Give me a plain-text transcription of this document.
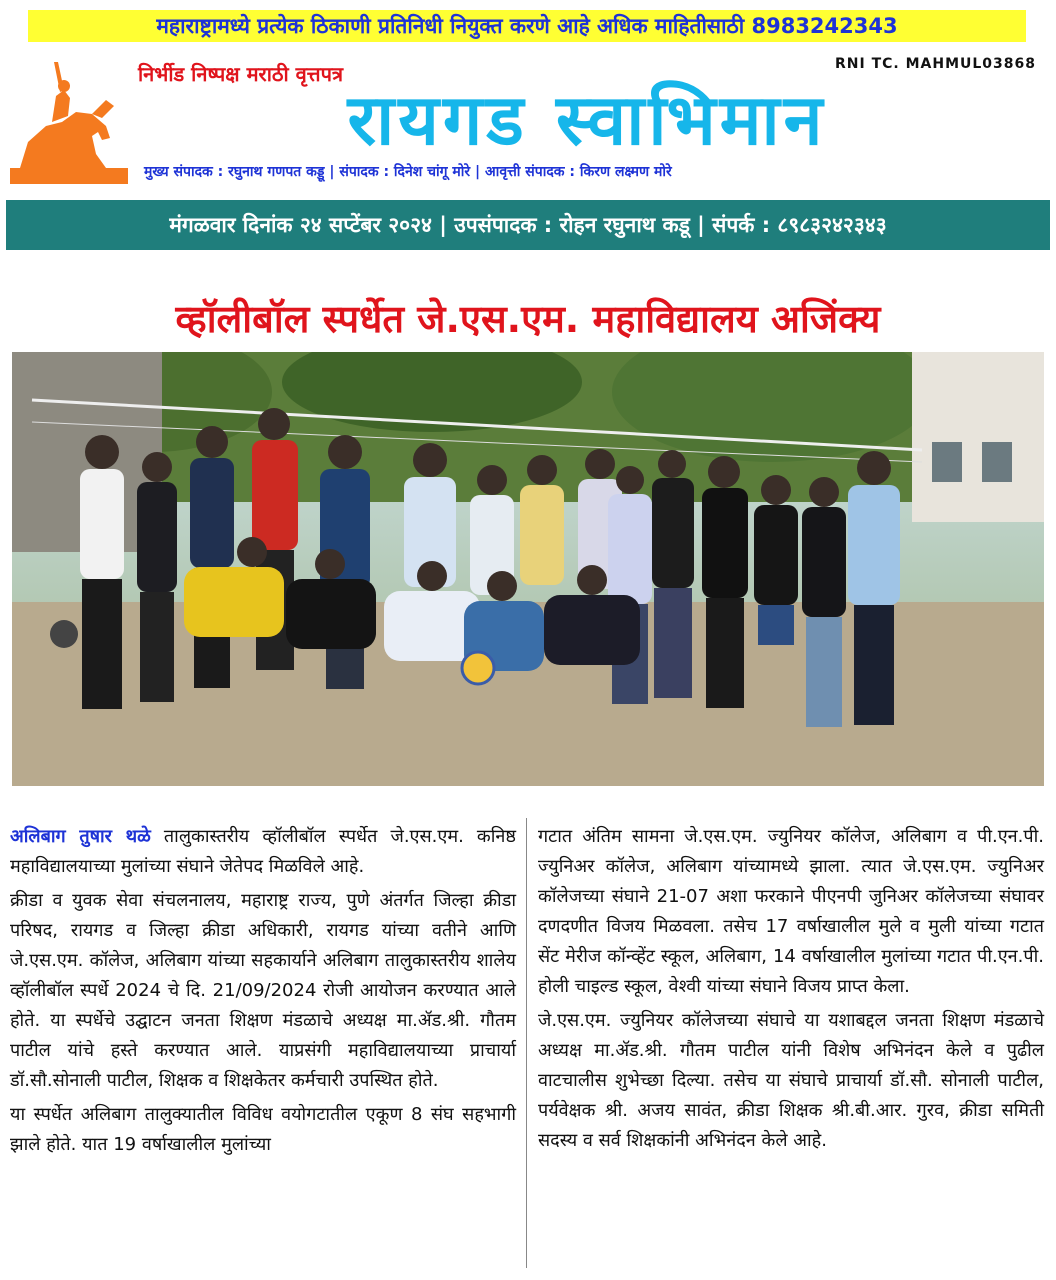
महाराष्ट्रामध्ये प्रत्येक ठिकाणी प्रतिनिधी नियुक्त करणे आहे अधिक माहितीसाठी 8983242343
निर्भीड निष्पक्ष मराठी वृत्तपत्र	RNI TC. MAHMUL03868
रायगड स्वाभिमान
मुख्य संपादक : रघुनाथ गणपत कड्डू | संपादक : दिनेश चांगू मोरे | आवृत्ती संपादक : किरण लक्ष्मण मोरे
मंगळवार दिनांक २४ सप्टेंबर २०२४ | उपसंपादक : रोहन रघुनाथ कडू | संपर्क : ८९८३२४२३४३
व्हॉलीबॉल स्पर्धेत जे.एस.एम. महाविद्यालय अजिंक्य

अलिबाग तुषार थळे तालुकास्तरीय व्हॉलीबॉल स्पर्धेत जे.एस.एम. कनिष्ठ महाविद्यालयाच्या मुलांच्या संघाने जेतेपद मिळविले आहे.

क्रीडा व युवक सेवा संचलनालय, महाराष्ट्र राज्य, पुणे अंतर्गत जिल्हा क्रीडा परिषद, रायगड व जिल्हा क्रीडा अधिकारी, रायगड यांच्या वतीने आणि जे.एस.एम. कॉलेज, अलिबाग यांच्या सहकार्याने अलिबाग तालुकास्तरीय शालेय व्हॉलीबॉल स्पर्धे 2024 चे दि. 21/09/2024 रोजी आयोजन करण्यात आले होते. या स्पर्धेचे उद्घाटन जनता शिक्षण मंडळाचे अध्यक्ष मा.ॲड.श्री. गौतम पाटील यांचे हस्ते करण्यात आले. याप्रसंगी महाविद्यालयाच्या प्राचार्या डॉ.सौ.सोनाली पाटील, शिक्षक व शिक्षकेतर कर्मचारी उपस्थित होते.

या स्पर्धेत अलिबाग तालुक्यातील विविध वयोगटातील एकूण 8 संघ सहभागी झाले होते. यात 19 वर्षाखालील मुलांच्या

गटात अंतिम सामना जे.एस.एम. ज्युनियर कॉलेज, अलिबाग व पी.एन.पी. ज्युनिअर कॉलेज, अलिबाग यांच्यामध्ये झाला. त्यात जे.एस.एम. ज्युनिअर कॉलेजच्या संघाने 21-07 अशा फरकाने पीएनपी जुनिअर कॉलेजच्या संघावर दणदणीत विजय मिळवला. तसेच 17 वर्षाखालील मुले व मुली यांच्या गटात सेंट मेरीज कॉन्व्हेंट स्कूल, अलिबाग, 14 वर्षाखालील मुलांच्या गटात पी.एन.पी. होली चाइल्ड स्कूल, वेश्वी यांच्या संघाने विजय प्राप्त केला.

जे.एस.एम. ज्युनियर कॉलेजच्या संघाचे या यशाबद्दल जनता शिक्षण मंडळाचे अध्यक्ष मा.ॲड.श्री. गौतम पाटील यांनी विशेष अभिनंदन केले व पुढील वाटचालीस शुभेच्छा दिल्या. तसेच या संघाचे प्राचार्या डॉ.सौ. सोनाली पाटील, पर्यवेक्षक श्री. अजय सावंत, क्रीडा शिक्षक श्री.बी.आर. गुरव, क्रीडा समिती सदस्य व सर्व शिक्षकांनी अभिनंदन केले आहे.
